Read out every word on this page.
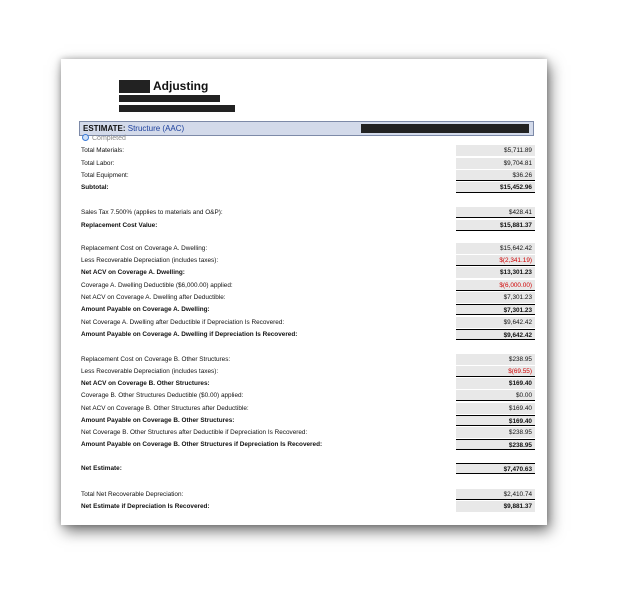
Adjusting
ESTIMATE: Structure (AAC)
Completed
Total Materials:	$5,711.89
Total Labor:	$9,704.81
Total Equipment:	$36.26
Subtotal:	$15,452.96
Sales Tax 7.500% (applies to materials and O&P):	$428.41
Replacement Cost Value:	$15,881.37
Replacement Cost on Coverage A. Dwelling:	$15,642.42
Less Recoverable Depreciation (includes taxes):	$(2,341.19)
Net ACV on Coverage A. Dwelling:	$13,301.23
Coverage A. Dwelling Deductible ($6,000.00) applied:	$(6,000.00)
Net ACV on Coverage A. Dwelling after Deductible:	$7,301.23
Amount Payable on Coverage A. Dwelling:	$7,301.23
Net Coverage A. Dwelling after Deductible if Depreciation Is Recovered:	$9,642.42
Amount Payable on Coverage A. Dwelling if Depreciation Is Recovered:	$9,642.42
Replacement Cost on Coverage B. Other Structures:	$238.95
Less Recoverable Depreciation (includes taxes):	$(69.55)
Net ACV on Coverage B. Other Structures:	$169.40
Coverage B. Other Structures Deductible ($0.00) applied:	$0.00
Net ACV on Coverage B. Other Structures after Deductible:	$169.40
Amount Payable on Coverage B. Other Structures:	$169.40
Net Coverage B. Other Structures after Deductible if Depreciation Is Recovered:	$238.95
Amount Payable on Coverage B. Other Structures if Depreciation Is Recovered:	$238.95
Net Estimate:	$7,470.63
Total Net Recoverable Depreciation:	$2,410.74
Net Estimate if Depreciation Is Recovered:	$9,881.37
